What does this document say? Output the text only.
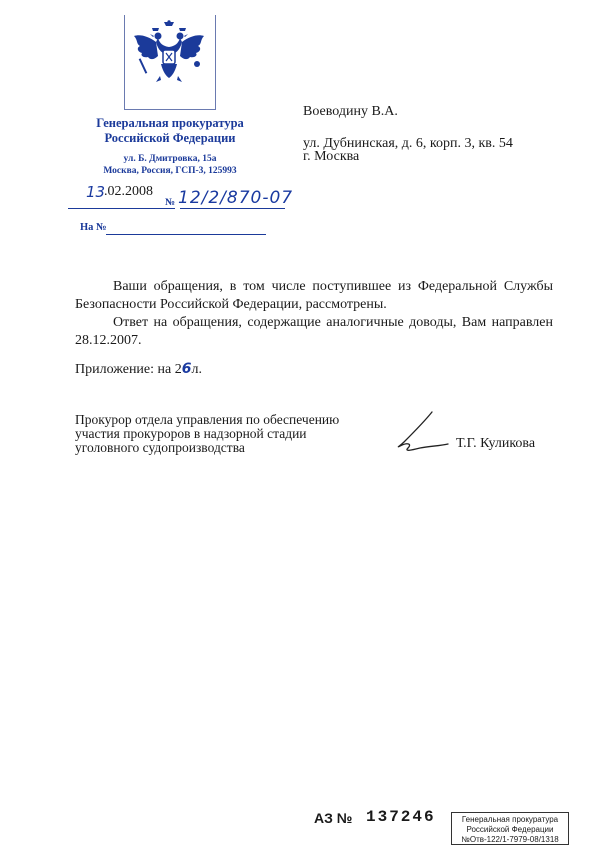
Генеральная прокуратура
Российской Федерации
ул. Б. Дмитровка, 15а
Москва, Россия, ГСП-3, 125993
13
.02.2008
№ 12/2/870-07
На №
Воеводину В.А.
ул. Дубнинская, д. 6, корп. 3, кв. 54
г. Москва

Ваши обращения, в том числе поступившее из Федеральной Службы Безопасности Российской Федерации, рассмотрены.

Ответ на обращения, содержащие аналогичные доводы, Вам направлен 28.12.2007.

Приложение: на 26л.
Прокурор отдела управления по обеспечению
участия прокуроров в надзорной стадии
уголовного судопроизводства	Т.Г. Куликова
АЗ № 137246	Генеральная прокуратура
Российской Федерации
№Отв-122/1-7979-08/1318
